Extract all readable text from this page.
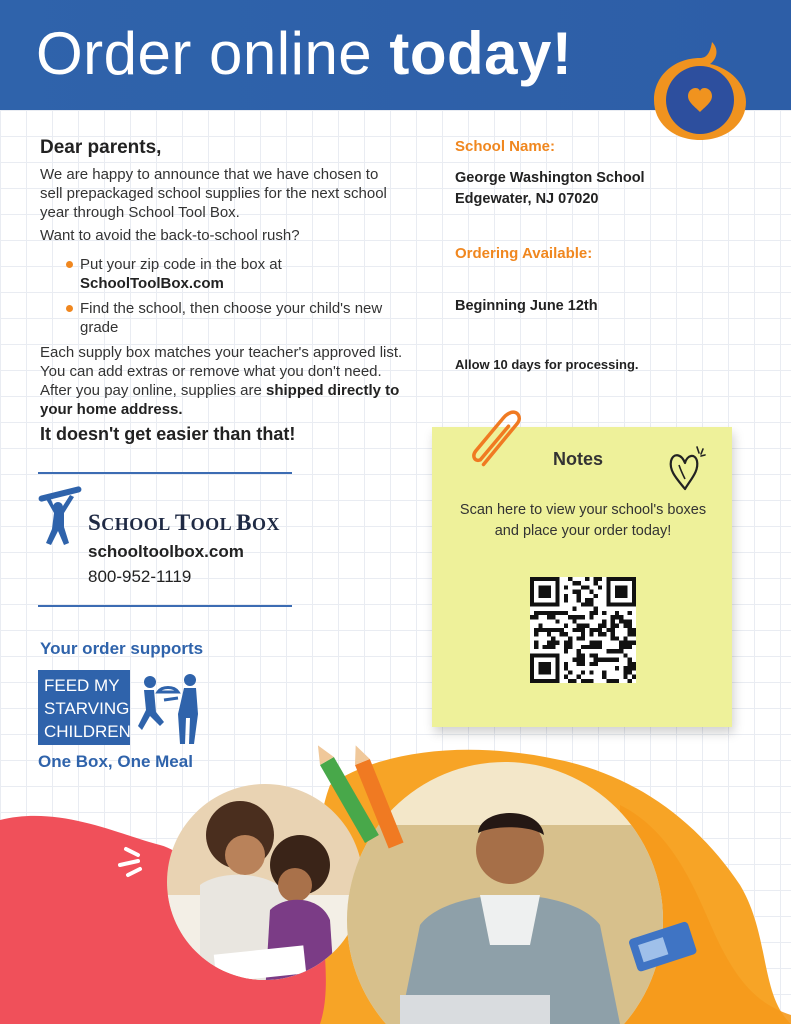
Order online today!
Dear parents,
We are happy to announce that we have chosen to sell prepackaged school supplies for the next school year through School Tool Box.
Want to avoid the back-to-school rush?
Put your zip code in the box at
SchoolToolBox.com
Find the school, then choose your child's new grade
Each supply box matches your teacher's approved list. You can add extras or remove what you don't need. After you pay online, supplies are shipped directly to your home address.
It doesn't get easier than that!
SCHOOL TOOL BOX
schooltoolbox.com
800-952-1119
Your order supports
FEED MY
STARVING
CHILDREN
One Box, One Meal
School Name:
George Washington School
Edgewater, NJ 07020
Ordering Available:
Beginning June 12th
Allow 10 days for processing.
Notes
Scan here to view your school's boxes and place your order today!
